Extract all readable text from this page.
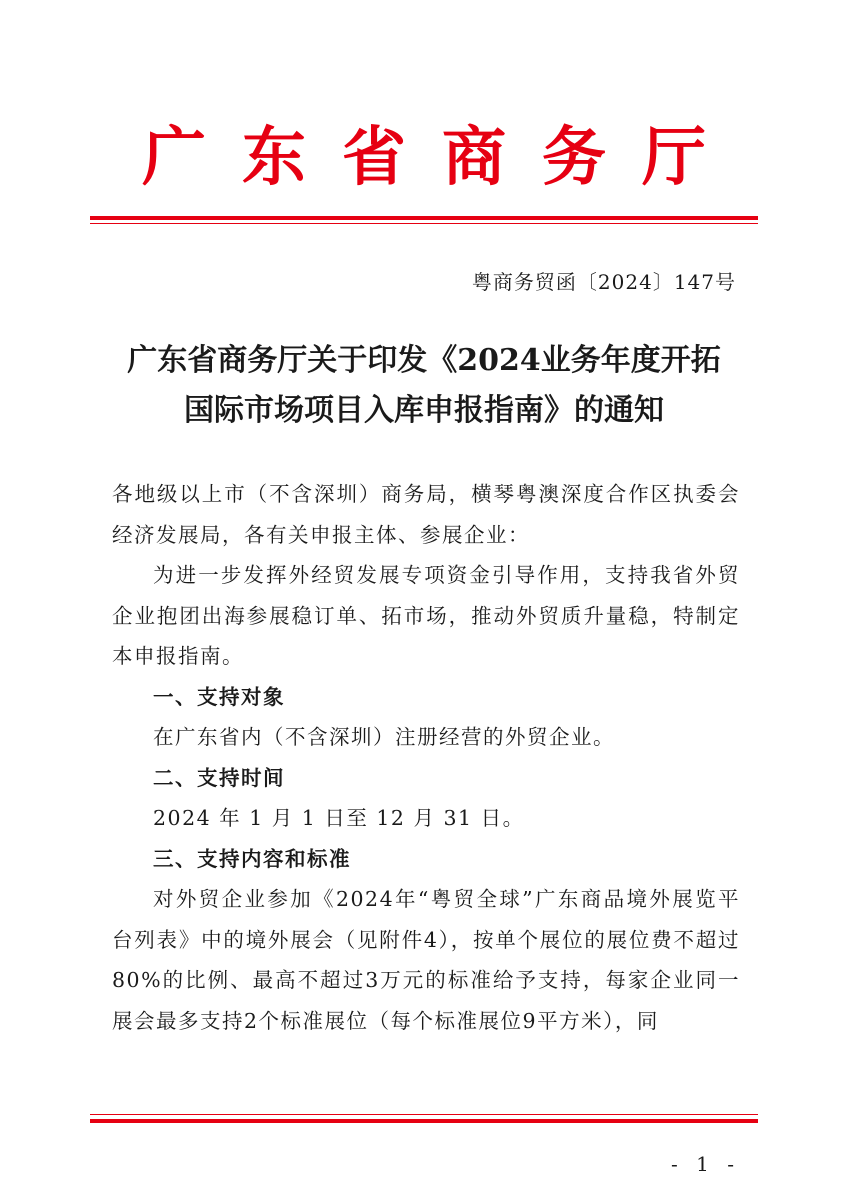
广东省商务厅
粤商务贸函〔2024〕147号
广东省商务厅关于印发《2024业务年度开拓
国际市场项目入库申报指南》的通知

各地级以上市（不含深圳）商务局，横琴粤澳深度合作区执委会经济发展局，各有关申报主体、参展企业：

为进一步发挥外经贸发展专项资金引导作用，支持我省外贸企业抱团出海参展稳订单、拓市场，推动外贸质升量稳，特制定本申报指南。

一、支持对象

在广东省内（不含深圳）注册经营的外贸企业。

二、支持时间

2024 年 1 月 1 日至 12 月 31 日。

三、支持内容和标准

对外贸企业参加《2024年“粤贸全球”广东商品境外展览平台列表》中的境外展会（见附件4），按单个展位的展位费不超过80%的比例、最高不超过3万元的标准给予支持，每家企业同一展会最多支持2个标准展位（每个标准展位9平方米），同

- 1 -
